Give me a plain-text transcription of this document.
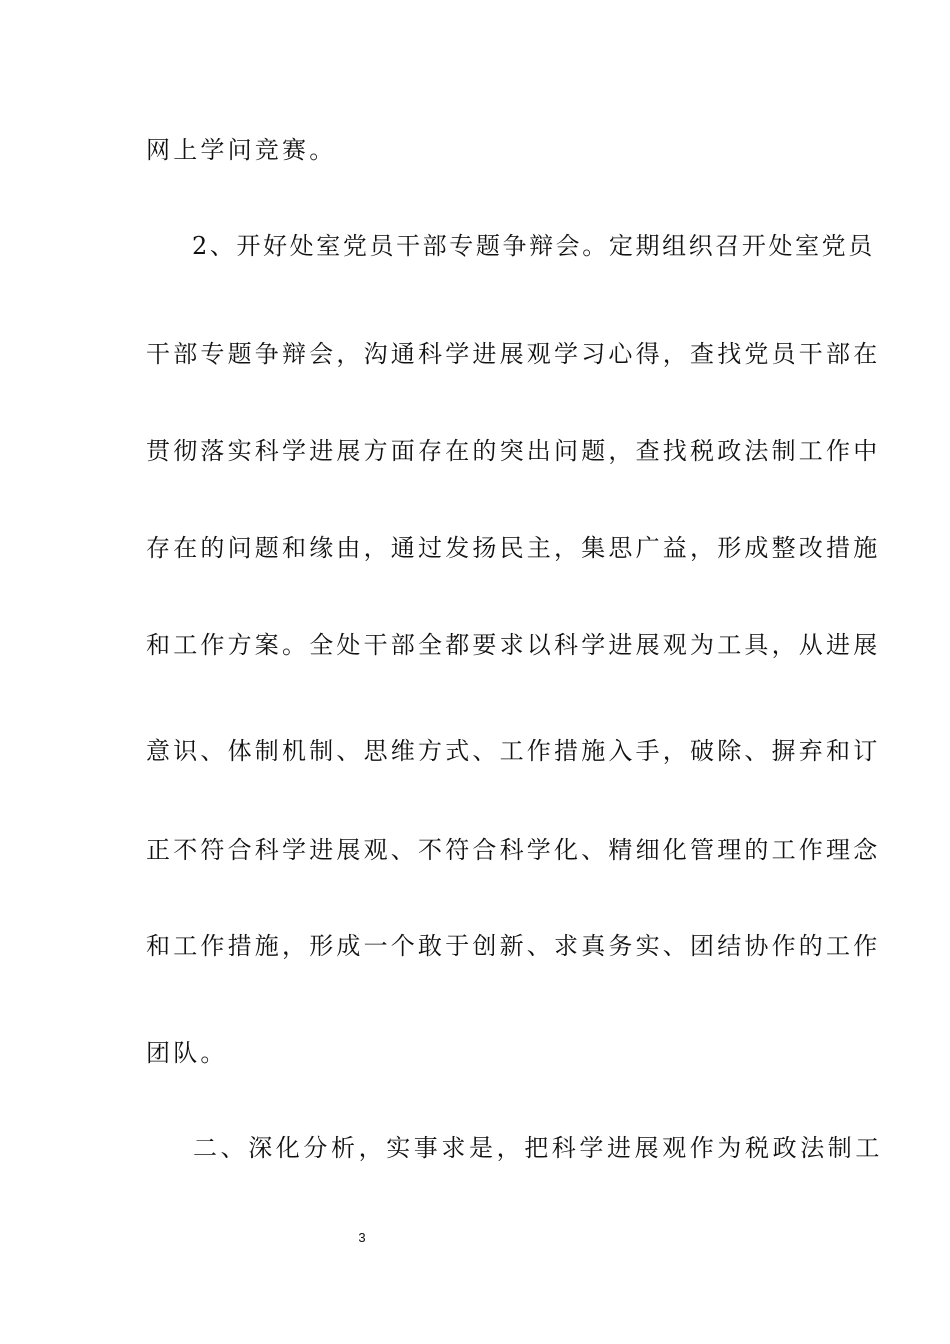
网上学问竞赛。
2、开好处室党员干部专题争辩会。定期组织召开处室党员
干部专题争辩会，沟通科学进展观学习心得，查找党员干部在
贯彻落实科学进展方面存在的突出问题，查找税政法制工作中
存在的问题和缘由，通过发扬民主，集思广益，形成整改措施
和工作方案。全处干部全都要求以科学进展观为工具，从进展
意识、体制机制、思维方式、工作措施入手，破除、摒弃和订
正不符合科学进展观、不符合科学化、精细化管理的工作理念
和工作措施，形成一个敢于创新、求真务实、团结协作的工作
团队。
二、深化分析，实事求是，把科学进展观作为税政法制工
3
